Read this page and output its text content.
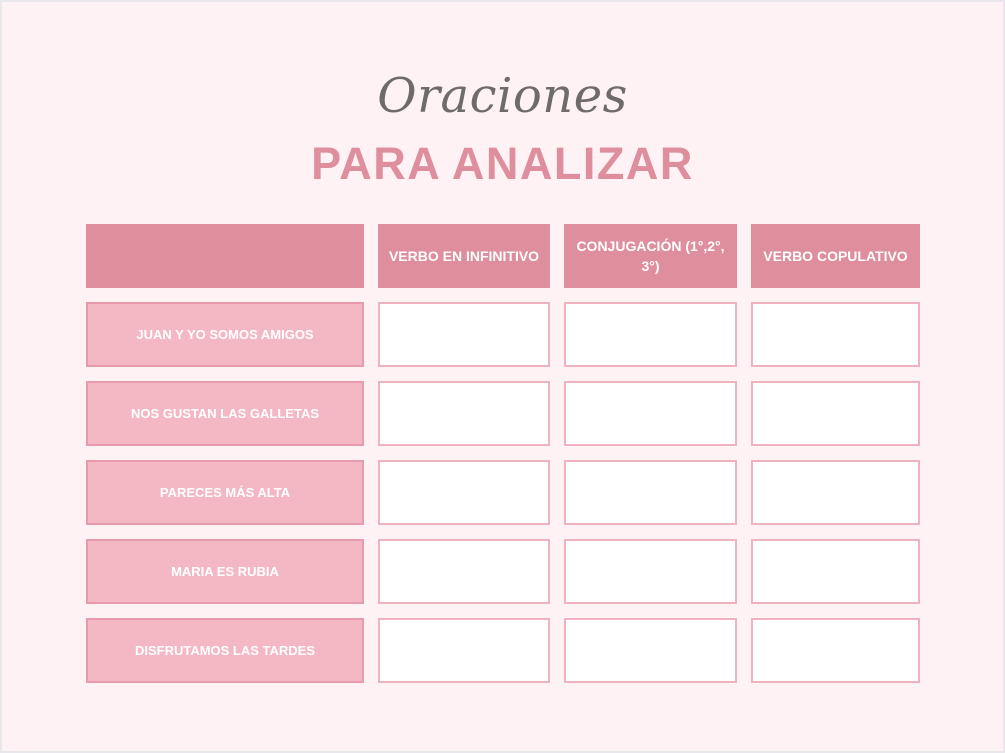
Oraciones
PARA ANALIZAR
VERBO EN INFINITIVO
CONJUGACIÓN (1°,2°, 3°)
VERBO COPULATIVO
JUAN Y YO SOMOS AMIGOS
NOS GUSTAN LAS GALLETAS
PARECES MÁS ALTA
MARIA ES RUBIA
DISFRUTAMOS LAS TARDES
